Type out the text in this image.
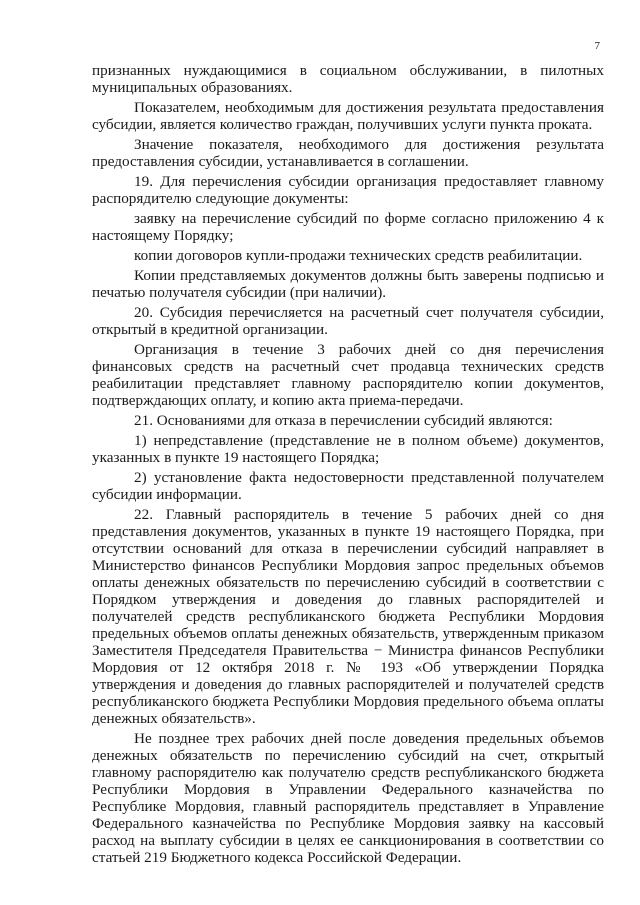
7

признанных нуждающимися в социальном обслуживании, в пилотных муниципальных образованиях.

Показателем, необходимым для достижения результата предоставления субсидии, является количество граждан, получивших услуги пункта проката.

Значение показателя, необходимого для достижения результата предоставления субсидии, устанавливается в соглашении.

19. Для перечисления субсидии организация предоставляет главному распорядителю следующие документы:

заявку на перечисление субсидий по форме согласно приложению 4 к настоящему Порядку;

копии договоров купли-продажи технических средств реабилитации.

Копии представляемых документов должны быть заверены подписью и печатью получателя субсидии (при наличии).

20. Субсидия перечисляется на расчетный счет получателя субсидии, открытый в кредитной организации.

Организация в течение 3 рабочих дней со дня перечисления финансовых средств на расчетный счет продавца технических средств реабилитации представляет главному распорядителю копии документов, подтверждающих оплату, и копию акта приема-передачи.

21. Основаниями для отказа в перечислении субсидий являются:

1) непредставление (представление не в полном объеме) документов, указанных в пункте 19 настоящего Порядка;

2) установление факта недостоверности представленной получателем субсидии информации.

22. Главный распорядитель в течение 5 рабочих дней со дня представления документов, указанных в пункте 19 настоящего Порядка, при отсутствии оснований для отказа в перечислении субсидий направляет в Министерство финансов Республики Мордовия запрос предельных объемов оплаты денежных обязательств по перечислению субсидий в соответствии с Порядком утверждения и доведения до главных распорядителей и получателей средств республиканского бюджета Республики Мордовия предельных объемов оплаты денежных обязательств, утвержденным приказом Заместителя Председателя Правительства − Министра финансов Республики Мордовия от 12 октября 2018 г. № 193 «Об утверждении Порядка утверждения и доведения до главных распорядителей и получателей средств республиканского бюджета Республики Мордовия предельного объема оплаты денежных обязательств».

Не позднее трех рабочих дней после доведения предельных объемов денежных обязательств по перечислению субсидий на счет, открытый главному распорядителю как получателю средств республиканского бюджета Республики Мордовия в Управлении Федерального казначейства по Республике Мордовия, главный распорядитель представляет в Управление Федерального казначейства по Республике Мордовия заявку на кассовый расход на выплату субсидии в целях ее санкционирования в соответствии со статьей 219 Бюджетного кодекса Российской Федерации.
